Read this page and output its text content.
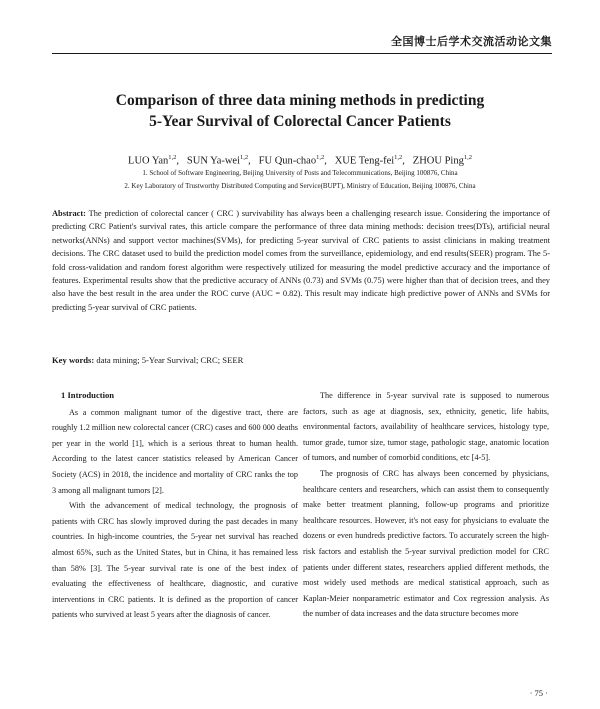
全国博士后学术交流活动论文集
Comparison of three data mining methods in predicting
5-Year Survival of Colorectal Cancer Patients
LUO Yan$^{1,2}$,   SUN Ya-wei$^{1,2}$,   FU Qun-chao$^{1,2}$,   XUE Teng-fei$^{1,2}$,   ZHOU Ping$^{1,2}$
1. School of Software Engineering, Beijing University of Posts and Telecommunications, Beijing 100876, China
2. Key Laboratory of Trustworthy Distributed Computing and Service(BUPT), Ministry of Education, Beijing 100876, China
Abstract: The prediction of colorectal cancer ( CRC ) survivability has always been a challenging research issue. Considering the importance of predicting CRC Patient's survival rates, this article compare the performance of three data mining methods: decision trees(DTs), artificial neural networks(ANNs) and support vector machines(SVMs), for predicting 5-year survival of CRC patients to assist clinicians in making treatment decisions. The CRC dataset used to build the prediction model comes from the surveillance, epidemiology, and end results(SEER) program. The 5-fold cross-validation and random forest algorithm were respectively utilized for measuring the model predictive accuracy and the importance of features. Experimental results show that the predictive accuracy of ANNs (0.73) and SVMs (0.75) were higher than that of decision trees, and they also have the best result in the area under the ROC curve (AUC = 0.82). This result may indicate high predictive power of ANNs and SVMs for predicting 5-year survival of CRC patients.
Key words: data mining; 5-Year Survival; CRC; SEER
1 Introduction

As a common malignant tumor of the digestive tract, there are roughly 1.2 million new colorectal cancer (CRC) cases and 600 000 deaths per year in the world [1], which is a serious threat to human health. According to the latest cancer statistics released by American Cancer Society (ACS) in 2018, the incidence and mortality of CRC ranks the top 3 among all malignant tumors [2].

With the advancement of medical technology, the prognosis of patients with CRC has slowly improved during the past decades in many countries. In high-income countries, the 5-year net survival has reached almost 65%, such as the United States, but in China, it has remained less than 58% [3]. The 5-year survival rate is one of the best index of evaluating the effectiveness of healthcare, diagnostic, and curative interventions in CRC patients. It is defined as the proportion of cancer patients who survived at least 5 years after the diagnosis of cancer.

The difference in 5-year survival rate is supposed to numerous factors, such as age at diagnosis, sex, ethnicity, genetic, life habits, environmental factors, availability of healthcare services, histology type, tumor grade, tumor size, tumor stage, pathologic stage, anatomic location of tumors, and number of comorbid conditions, etc [4-5].

The prognosis of CRC has always been concerned by physicians, healthcare centers and researchers, which can assist them to consequently make better treatment planning, follow-up programs and prioritize healthcare resources. However, it's not easy for physicians to evaluate the dozens or even hundreds predictive factors. To accurately screen the high-risk factors and establish the 5-year survival prediction model for CRC patients under different states, researchers applied different methods, the most widely used methods are medical statistical approach, such as Kaplan-Meier nonparametric estimator and Cox regression analysis. As the number of data increases and the data structure becomes more

· 75 ·
